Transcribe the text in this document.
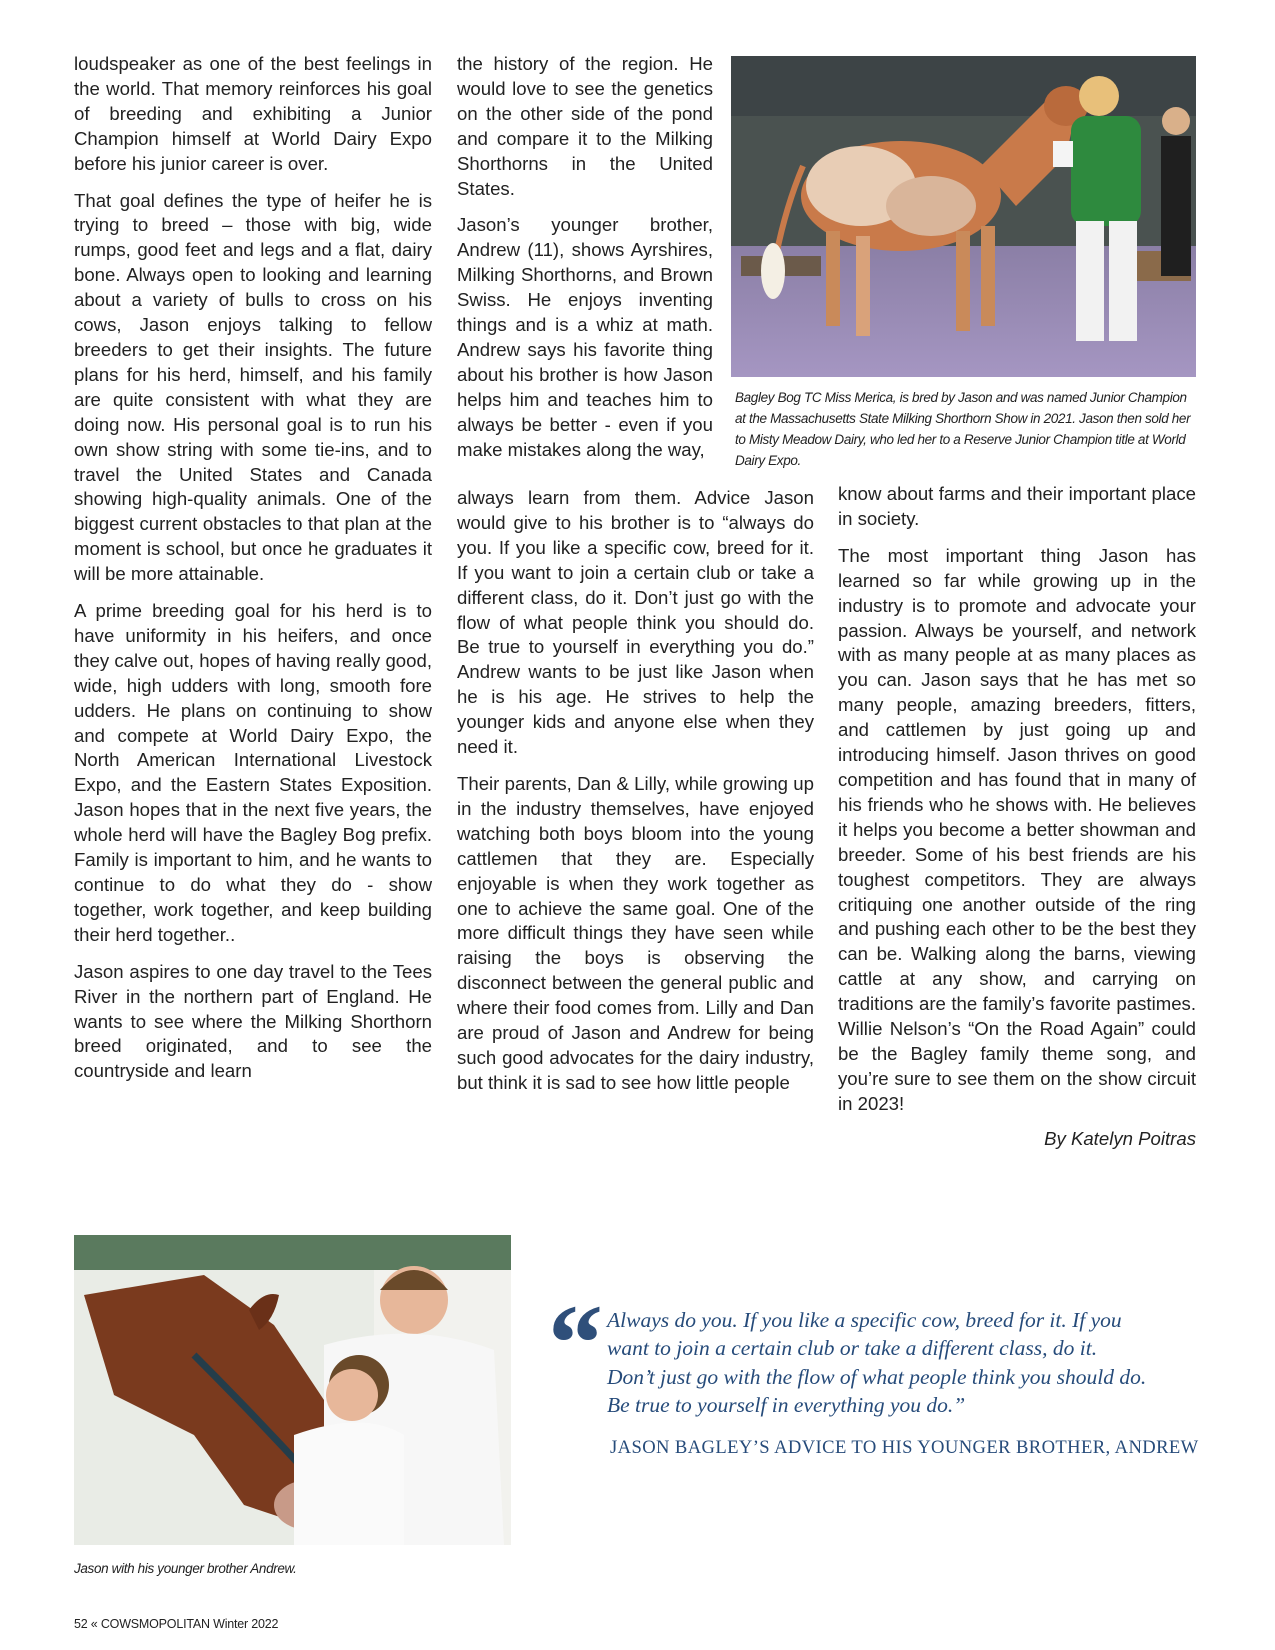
loudspeaker as one of the best feelings in the world. That memory reinforces his goal of breeding and exhibiting a Junior Champion himself at World Dairy Expo before his junior career is over.

That goal defines the type of heifer he is trying to breed – those with big, wide rumps, good feet and legs and a flat, dairy bone. Always open to looking and learning about a variety of bulls to cross on his cows, Jason enjoys talking to fellow breeders to get their insights. The future plans for his herd, himself, and his family are quite consistent with what they are doing now. His personal goal is to run his own show string with some tie-ins, and to travel the United States and Canada showing high-quality animals. One of the biggest current obstacles to that plan at the moment is school, but once he graduates it will be more attainable.

A prime breeding goal for his herd is to have uniformity in his heifers, and once they calve out, hopes of having really good, wide, high udders with long, smooth fore udders. He plans on continuing to show and compete at World Dairy Expo, the North American International Livestock Expo, and the Eastern States Exposition. Jason hopes that in the next five years, the whole herd will have the Bagley Bog prefix. Family is important to him, and he wants to continue to do what they do - show together, work together, and keep building their herd together..

Jason aspires to one day travel to the Tees River in the northern part of England. He wants to see where the Milking Shorthorn breed originated, and to see the countryside and learn

the history of the region. He would love to see the genetics on the other side of the pond and compare it to the Milking Shorthorns in the United States.

Jason’s younger brother, Andrew (11), shows Ayrshires, Milking Shorthorns, and Brown Swiss. He enjoys inventing things and is a whiz at math. Andrew says his favorite thing about his brother is how Jason helps him and teaches him to always be better - even if you make mistakes along the way,

always learn from them. Advice Jason would give to his brother is to “always do you. If you like a specific cow, breed for it. If you want to join a certain club or take a different class, do it. Don’t just go with the flow of what people think you should do. Be true to yourself in everything you do.” Andrew wants to be just like Jason when he is his age. He strives to help the younger kids and anyone else when they need it.

Their parents, Dan & Lilly, while growing up in the industry themselves, have enjoyed watching both boys bloom into the young cattlemen that they are. Especially enjoyable is when they work together as one to achieve the same goal. One of the more difficult things they have seen while raising the boys is observing the disconnect between the general public and where their food comes from. Lilly and Dan are proud of Jason and Andrew for being such good advocates for the dairy industry, but think it is sad to see how little people

know about farms and their important place in society.

The most important thing Jason has learned so far while growing up in the industry is to promote and advocate your passion. Always be yourself, and network with as many people at as many places as you can. Jason says that he has met so many people, amazing breeders, fitters, and cattlemen by just going up and introducing himself. Jason thrives on good competition and has found that in many of his friends who he shows with. He believes it helps you become a better showman and breeder. Some of his best friends are his toughest competitors. They are always critiquing one another outside of the ring and pushing each other to be the best they can be. Walking along the barns, viewing cattle at any show, and carrying on traditions are the family’s favorite pastimes. Willie Nelson’s “On the Road Again” could be the Bagley family theme song, and you’re sure to see them on the show circuit in 2023!

By Katelyn Poitras
Bagley Bog TC Miss Merica, is bred by Jason and was named Junior Champion at the Massachusetts State Milking Shorthorn Show in 2021. Jason then sold her to Misty Meadow Dairy, who led her to a Reserve Junior Champion title at World Dairy Expo.
Jason with his younger brother Andrew.
“ Always do you. If you like a specific cow, breed for it. If you want to join a certain club or take a different class, do it. Don’t just go with the flow of what people think you should do. Be true to yourself in everything you do.”
JASON BAGLEY’S ADVICE TO HIS YOUNGER BROTHER, ANDREW
52 « COWSMOPOLITAN Winter 2022
